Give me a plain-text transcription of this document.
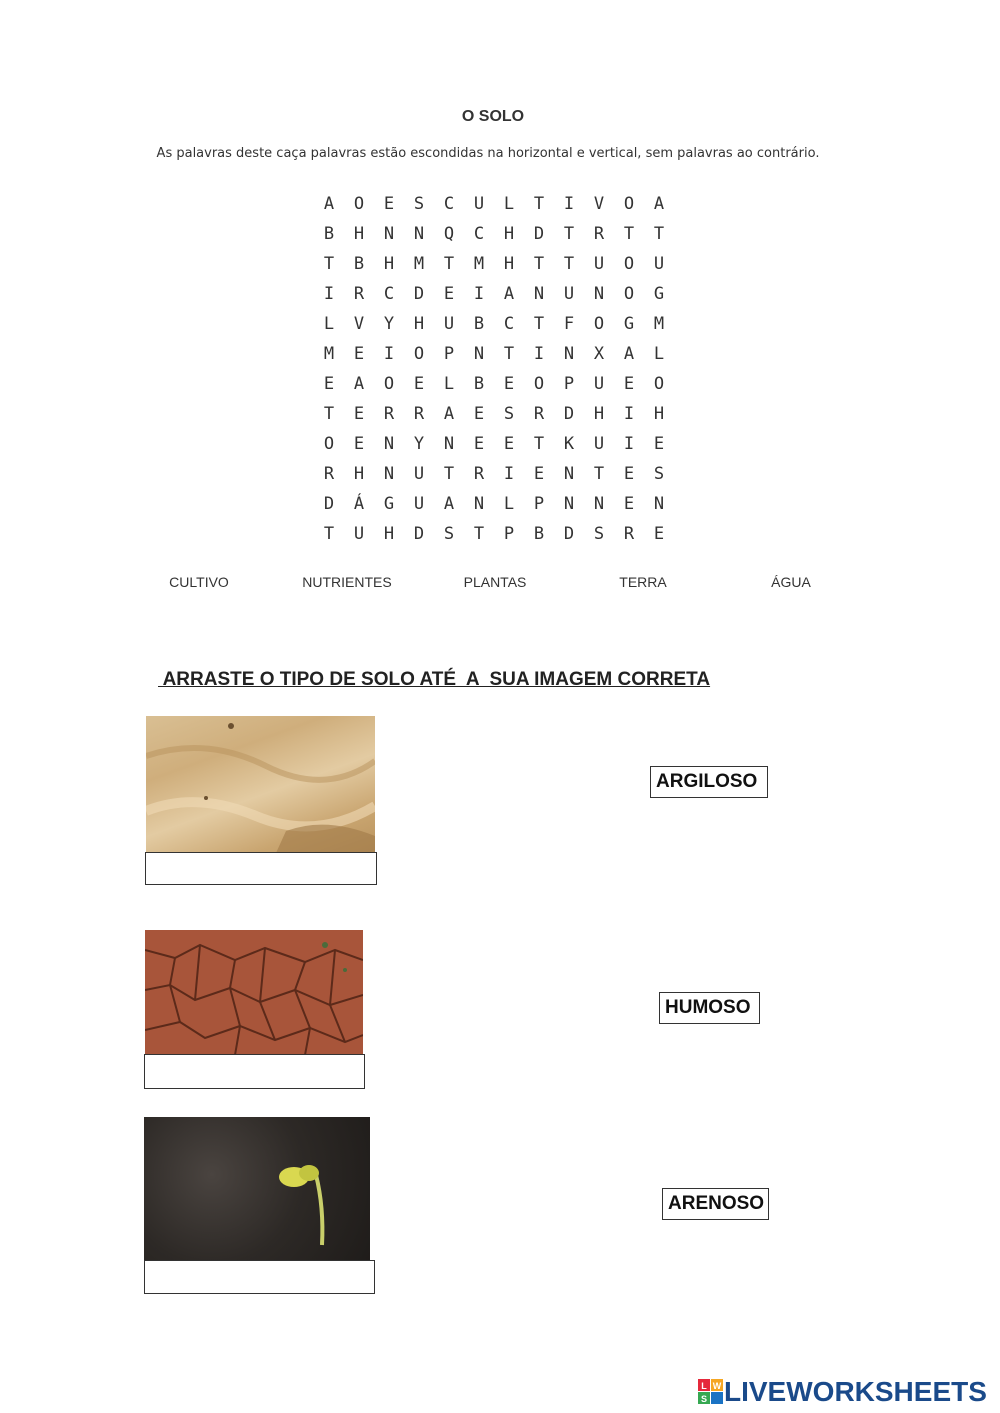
O SOLO
As palavras deste caça palavras estão escondidas na horizontal e vertical, sem palavras ao contrário.
A	O	E	S	C	U	L	T	I	V	O	A
B	H	N	N	Q	C	H	D	T	R	T	T
T	B	H	M	T	M	H	T	T	U	O	U
I	R	C	D	E	I	A	N	U	N	O	G
L	V	Y	H	U	B	C	T	F	O	G	M
M	E	I	O	P	N	T	I	N	X	A	L
E	A	O	E	L	B	E	O	P	U	E	O
T	E	R	R	A	E	S	R	D	H	I	H
O	E	N	Y	N	E	E	T	K	U	I	E
R	H	N	U	T	R	I	E	N	T	E	S
D	Á	G	U	A	N	L	P	N	N	E	N
T	U	H	D	S	T	P	B	D	S	R	E
CULTIVO	NUTRIENTES	PLANTAS	TERRA	ÁGUA
ARRASTE O TIPO DE SOLO ATÉ  A  SUA IMAGEM CORRETA
ARGILOSO
HUMOSO
ARENOSO
L W
S LIVEWORKSHEETS
